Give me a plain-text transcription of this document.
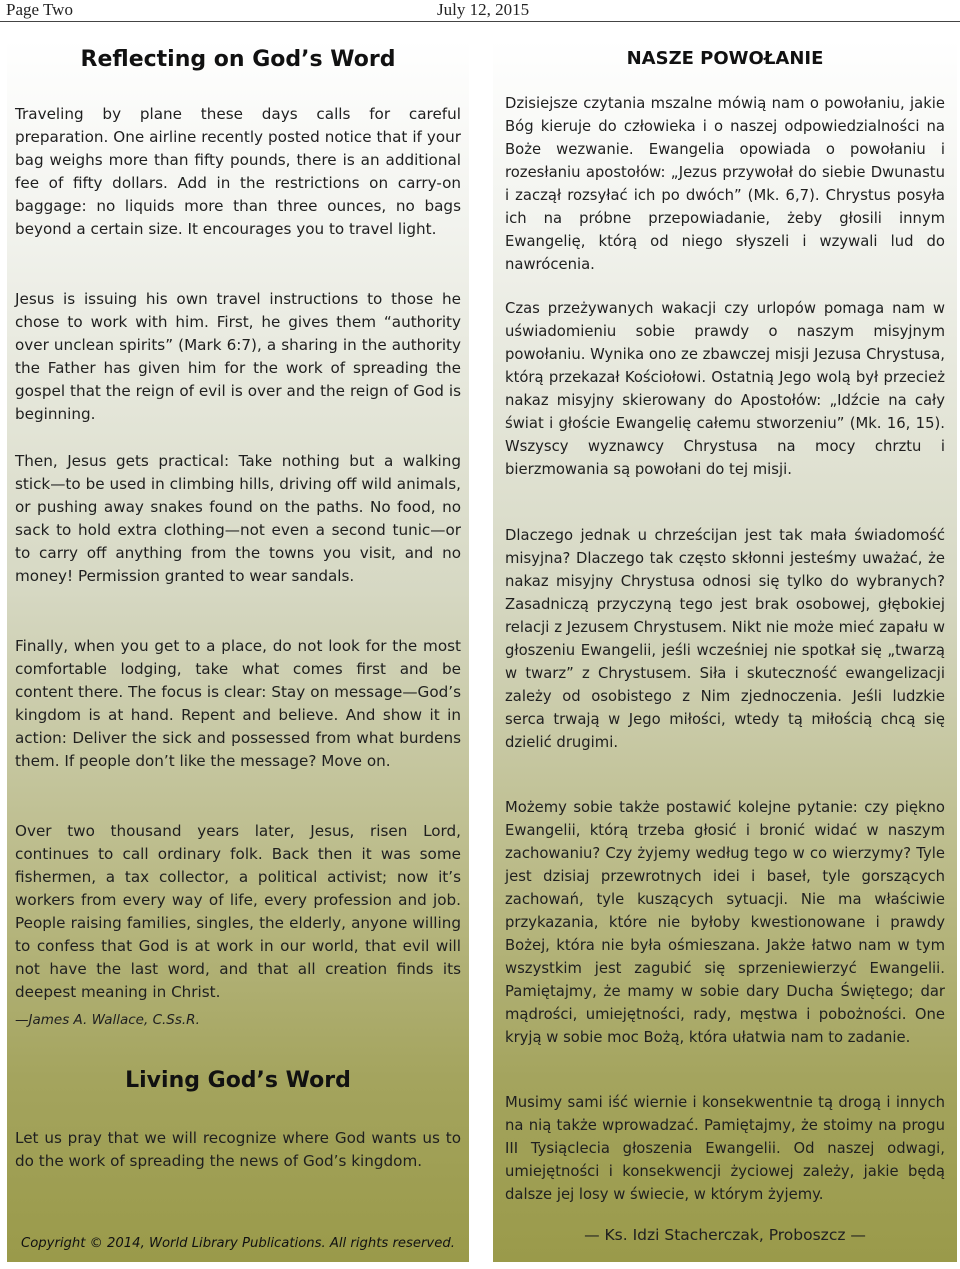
Page Two	July 12, 2015
Reflecting on God’s Word

Traveling by plane these days calls for careful preparation. One airline recently posted notice that if your bag weighs more than fifty pounds, there is an additional fee of fifty dollars. Add in the restrictions on carry-on baggage: no liquids more than three ounces, no bags beyond a certain size. It encourages you to travel light.

Jesus is issuing his own travel instructions to those he chose to work with him. First, he gives them “authority over unclean spirits” (Mark 6:7), a sharing in the authority the Father has given him for the work of spreading the gospel that the reign of evil is over and the reign of God is beginning.

Then, Jesus gets practical: Take nothing but a walking stick—to be used in climbing hills, driving off wild animals, or pushing away snakes found on the paths. No food, no sack to hold extra clothing—not even a second tunic—or to carry off anything from the towns you visit, and no money! Permission granted to wear sandals.

Finally, when you get to a place, do not look for the most comfortable lodging, take what comes first and be content there. The focus is clear: Stay on message—God’s kingdom is at hand. Repent and believe. And show it in action: Deliver the sick and possessed from what burdens them. If people don’t like the message? Move on.

Over two thousand years later, Jesus, risen Lord, continues to call ordinary folk. Back then it was some fishermen, a tax collector, a political activist; now it’s workers from every way of life, every profession and job. People raising families, singles, the elderly, anyone willing to confess that God is at work in our world, that evil will not have the last word, and that all creation finds its deepest meaning in Christ.

—James A. Wallace, C.Ss.R.
Living God’s Word

Let us pray that we will recognize where God wants us to do the work of spreading the news of God’s kingdom.

Copyright © 2014, World Library Publications. All rights reserved.
NASZE POWOŁANIE

Dzisiejsze czytania mszalne mówią nam o powołaniu, jakie Bóg kieruje do człowieka i o naszej odpowiedzialności na Boże wezwanie. Ewangelia opowiada o powołaniu i rozesłaniu apostołów: „Jezus przywołał do siebie Dwunastu i zaczął rozsyłać ich po dwóch” (Mk. 6,7). Chrystus posyła ich na próbne przepowiadanie, żeby głosili innym Ewangelię, którą od niego słyszeli i wzywali lud do nawrócenia.

Czas przeżywanych wakacji czy urlopów pomaga nam w uświadomieniu sobie prawdy o naszym misyjnym powołaniu. Wynika ono ze zbawczej misji Jezusa Chrystusa, którą przekazał Kościołowi. Ostatnią Jego wolą był przecież nakaz misyjny skierowany do Apostołów: „Idźcie na cały świat i głoście Ewangelię całemu stworzeniu” (Mk. 16, 15). Wszyscy wyznawcy Chrystusa na mocy chrztu i bierzmowania są powołani do tej misji.

Dlaczego jednak u chrześcijan jest tak mała świadomość misyjna? Dlaczego tak często skłonni jesteśmy uważać, że nakaz misyjny Chrystusa odnosi się tylko do wybranych? Zasadniczą przyczyną tego jest brak osobowej, głębokiej relacji z Jezusem Chrystusem. Nikt nie może mieć zapału w głoszeniu Ewangelii, jeśli wcześniej nie spotkał się „twarzą w twarz” z Chrystusem. Siła i skuteczność ewangelizacji zależy od osobistego z Nim zjednoczenia. Jeśli ludzkie serca trwają w Jego miłości, wtedy tą miłością chcą się dzielić drugimi.

Możemy sobie także postawić kolejne pytanie: czy piękno Ewangelii, którą trzeba głosić i bronić widać w naszym zachowaniu? Czy żyjemy według tego w co wierzymy? Tyle jest dzisiaj przewrotnych idei i baseł, tyle gorszących zachowań, tyle kuszących sytuacji. Nie ma właściwie przykazania, które nie byłoby kwestionowane i prawdy Bożej, która nie była ośmieszana. Jakże łatwo nam w tym wszystkim jest zagubić się sprzeniewierzyć Ewangelii. Pamiętajmy, że mamy w sobie dary Ducha Świętego; dar mądrości, umiejętności, rady, męstwa i pobożności. One kryją w sobie moc Bożą, która ułatwia nam to zadanie.

Musimy sami iść wiernie i konsekwentnie tą drogą i innych na nią także wprowadzać. Pamiętajmy, że stoimy na progu III Tysiąclecia głoszenia Ewangelii. Od naszej odwagi, umiejętności i konsekwencji życiowej zależy, jakie będą dalsze jej losy w świecie, w którym żyjemy.

— Ks. Idzi Stacherczak, Proboszcz —
